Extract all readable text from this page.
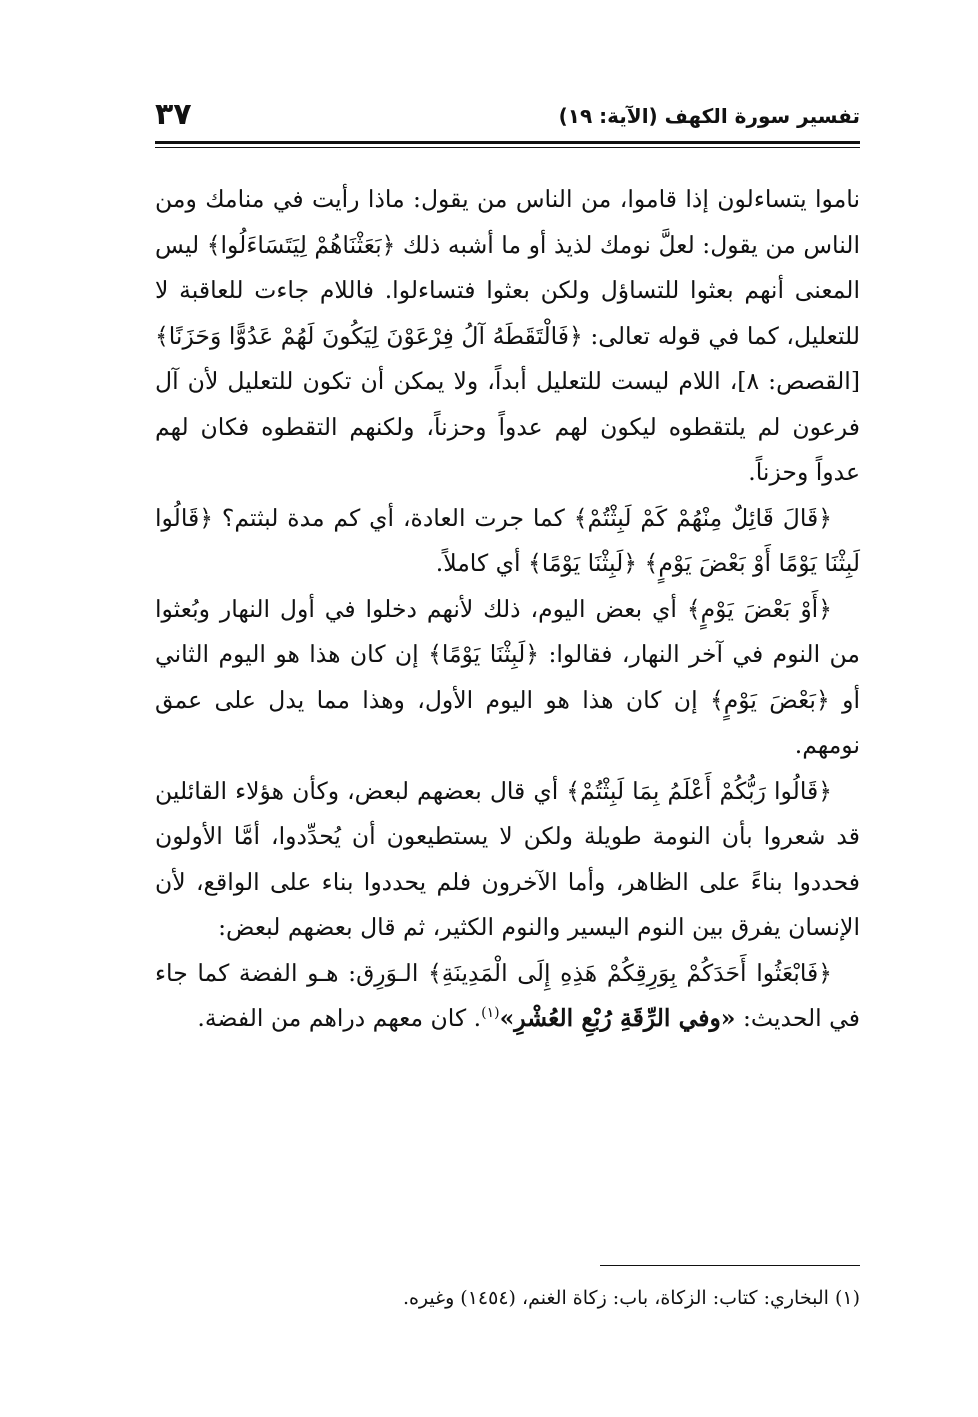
٣٧	تفسير سورة الكهف (الآية: ١٩)

ناموا يتساءلون إذا قاموا، من الناس من يقول: ماذا رأيت في منامك ومن الناس من يقول: لعلَّ نومك لذيذ أو ما أشبه ذلك ﴿بَعَثْنَاهُمْ لِيَتَسَاءَلُوا﴾ ليس المعنى أنهم بعثوا للتساؤل ولكن بعثوا فتساءلوا. فاللام جاءت للعاقبة لا للتعليل، كما في قوله تعالى: ﴿فَالْتَقَطَهُ آلُ فِرْعَوْنَ لِيَكُونَ لَهُمْ عَدُوًّا وَحَزَنًا﴾ [القصص: ٨]، اللام ليست للتعليل أبداً، ولا يمكن أن تكون للتعليل لأن آل فرعون لم يلتقطوه ليكون لهم عدواً وحزناً، ولكنهم التقطوه فكان لهم عدواً وحزناً.

﴿قَالَ قَائِلٌ مِنْهُمْ كَمْ لَبِثْتُمْ﴾ كما جرت العادة، أي كم مدة لبثتم؟ ﴿قَالُوا لَبِثْنَا يَوْمًا أَوْ بَعْضَ يَوْمٍ﴾ ﴿لَبِثْنَا يَوْمًا﴾ أي كاملاً.

﴿أَوْ بَعْضَ يَوْمٍ﴾ أي بعض اليوم، ذلك لأنهم دخلوا في أول النهار وبُعثوا من النوم في آخر النهار، فقالوا: ﴿لَبِثْنَا يَوْمًا﴾ إن كان هذا هو اليوم الثاني أو ﴿بَعْضَ يَوْمٍ﴾ إن كان هذا هو اليوم الأول، وهذا مما يدل على عمق نومهم.

﴿قَالُوا رَبُّكُمْ أَعْلَمُ بِمَا لَبِثْتُمْ﴾ أي قال بعضهم لبعض، وكأن هؤلاء القائلين قد شعروا بأن النومة طويلة ولكن لا يستطيعون أن يُحدِّدوا، أمَّا الأولون فحددوا بناءً على الظاهر، وأما الآخرون فلم يحددوا بناء على الواقع، لأن الإنسان يفرق بين النوم اليسير والنوم الكثير، ثم قال بعضهم لبعض:

﴿فَابْعَثُوا أَحَدَكُمْ بِوَرِقِكُمْ هَذِهِ إِلَى الْمَدِينَةِ﴾ الـوَرِق: هـو الفضة كما جاء في الحديث: «وفي الرِّقَةِ رُبْعِ العُشْرِ»$^{(١)}$. كان معهم دراهم من الفضة.

(١) البخاري: كتاب: الزكاة، باب: زكاة الغنم، (١٤٥٤) وغيره.
